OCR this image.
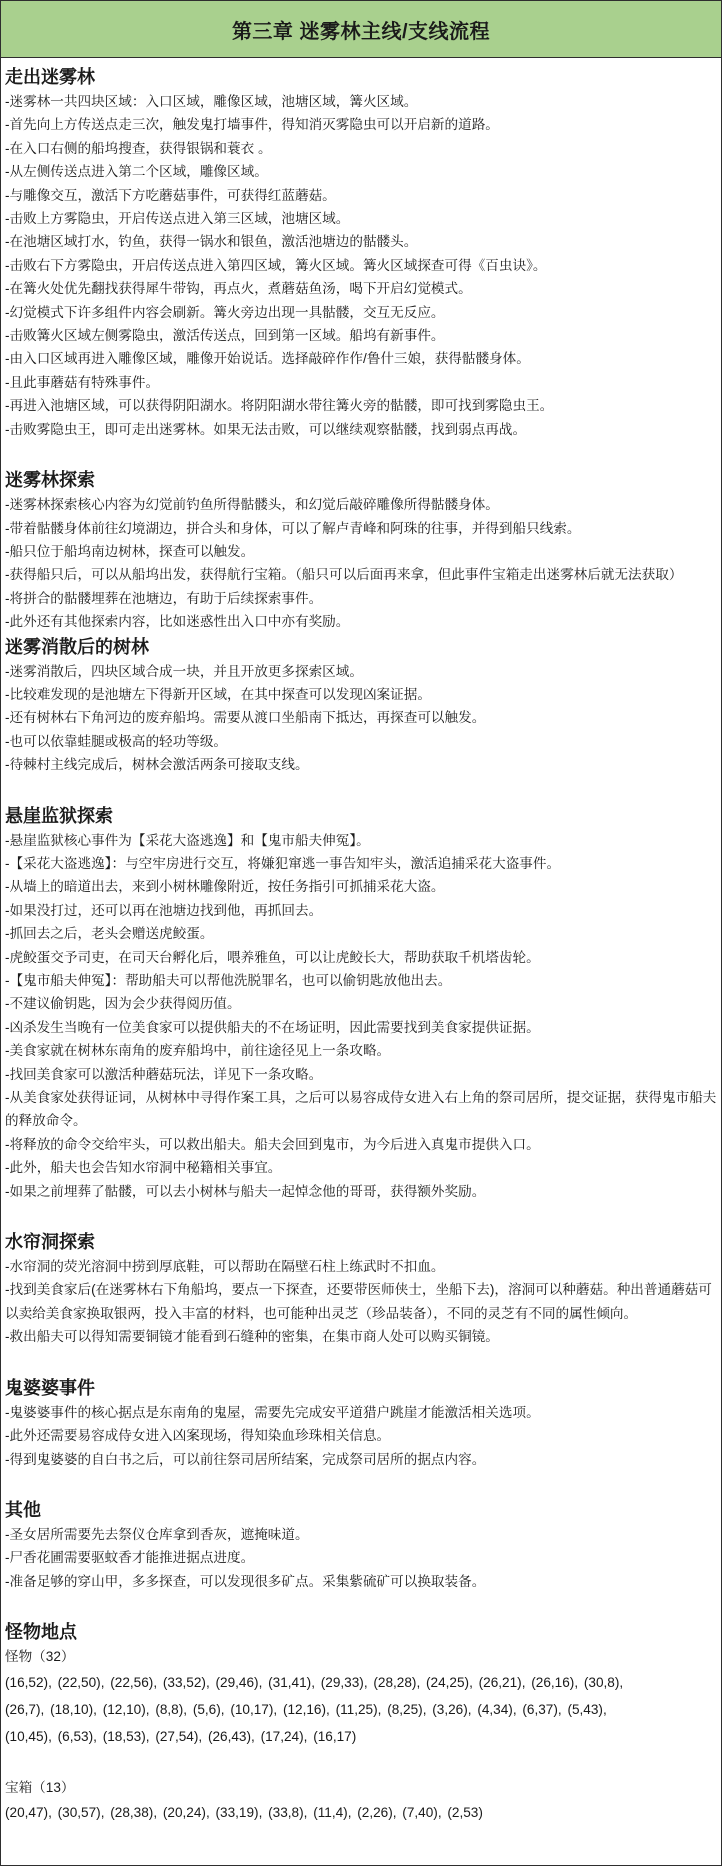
第三章 迷雾林主线/支线流程
走出迷雾林
-迷雾林一共四块区域：入口区域，雕像区域，池塘区域，篝火区域。
-首先向上方传送点走三次，触发鬼打墙事件，得知消灭雾隐虫可以开启新的道路。
-在入口右侧的船坞搜查，获得银锅和蓑衣 。
-从左侧传送点进入第二个区域，雕像区域。
-与雕像交互，激活下方吃蘑菇事件，可获得红蓝蘑菇。
-击败上方雾隐虫，开启传送点进入第三区域，池塘区域。
-在池塘区域打水，钓鱼，获得一锅水和银鱼，激活池塘边的骷髅头。
-击败右下方雾隐虫，开启传送点进入第四区域，篝火区域。篝火区域探查可得《百虫诀》。
-在篝火处优先翻找获得犀牛带钩，再点火，煮蘑菇鱼汤，喝下开启幻觉模式。
-幻觉模式下许多组件内容会刷新。篝火旁边出现一具骷髅，交互无反应。
-击败篝火区域左侧雾隐虫，激活传送点，回到第一区域。船坞有新事件。
-由入口区域再进入雕像区域，雕像开始说话。选择敲碎作作/鲁什三娘，获得骷髅身体。
-且此事蘑菇有特殊事件。
-再进入池塘区域，可以获得阴阳湖水。将阴阳湖水带往篝火旁的骷髅，即可找到雾隐虫王。
-击败雾隐虫王，即可走出迷雾林。如果无法击败，可以继续观察骷髅，找到弱点再战。
迷雾林探索
-迷雾林探索核心内容为幻觉前钓鱼所得骷髅头，和幻觉后敲碎雕像所得骷髅身体。
-带着骷髅身体前往幻境湖边，拼合头和身体，可以了解卢青峰和阿珠的往事，并得到船只线索。
-船只位于船坞南边树林，探查可以触发。
-获得船只后，可以从船坞出发，获得航行宝箱。（船只可以后面再来拿，但此事件宝箱走出迷雾林后就无法获取）
-将拼合的骷髅埋葬在池塘边，有助于后续探索事件。
-此外还有其他探索内容，比如迷惑性出入口中亦有奖励。
迷雾消散后的树林
-迷雾消散后，四块区域合成一块，并且开放更多探索区域。
-比较难发现的是池塘左下得新开区域，在其中探查可以发现凶案证据。
-还有树林右下角河边的废弃船坞。需要从渡口坐船南下抵达，再探查可以触发。
-也可以依靠蛙腿或极高的轻功等级。
-待棘村主线完成后，树林会激活两条可接取支线。
悬崖监狱探索
-悬崖监狱核心事件为【采花大盗逃逸】和【鬼市船夫伸冤】。
-【采花大盗逃逸】：与空牢房进行交互，将嫌犯窜逃一事告知牢头，激活追捕采花大盗事件。
-从墙上的暗道出去，来到小树林雕像附近，按任务指引可抓捕采花大盗。
-如果没打过，还可以再在池塘边找到他，再抓回去。
-抓回去之后，老头会赠送虎鲛蛋。
-虎鲛蛋交予司吏，在司天台孵化后，喂养雅鱼，可以让虎鲛长大，帮助获取千机塔齿轮。
-【鬼市船夫伸冤】：帮助船夫可以帮他洗脱罪名，也可以偷钥匙放他出去。
-不建议偷钥匙，因为会少获得阅历值。
-凶杀发生当晚有一位美食家可以提供船夫的不在场证明，因此需要找到美食家提供证据。
-美食家就在树林东南角的废弃船坞中，前往途径见上一条攻略。
-找回美食家可以激活种蘑菇玩法，详见下一条攻略。
-从美食家处获得证词，从树林中寻得作案工具，之后可以易容成侍女进入右上角的祭司居所，提交证据，获得鬼市船夫的释放命令。
-将释放的命令交给牢头，可以救出船夫。船夫会回到鬼市，为今后进入真鬼市提供入口。
-此外，船夫也会告知水帘洞中秘籍相关事宜。
-如果之前埋葬了骷髅，可以去小树林与船夫一起悼念他的哥哥，获得额外奖励。
水帘洞探索
-水帘洞的荧光溶洞中捞到厚底鞋，可以帮助在隔壁石柱上练武时不扣血。
-找到美食家后(在迷雾林右下角船坞，要点一下探查，还要带医师侠士，坐船下去)，溶洞可以种蘑菇。种出普通蘑菇可以卖给美食家换取银两，投入丰富的材料，也可能种出灵芝（珍品装备），不同的灵芝有不同的属性倾向。
-救出船夫可以得知需要铜镜才能看到石缝种的密集，在集市商人处可以购买铜镜。
鬼婆婆事件
-鬼婆婆事件的核心据点是东南角的鬼屋，需要先完成安平道猎户跳崖才能激活相关选项。
-此外还需要易容成侍女进入凶案现场，得知染血珍珠相关信息。
-得到鬼婆婆的自白书之后，可以前往祭司居所结案，完成祭司居所的据点内容。
其他
-圣女居所需要先去祭仪仓库拿到香灰，遮掩味道。
-尸香花圃需要驱蚊香才能推进据点进度。
-准备足够的穿山甲，多多探查，可以发现很多矿点。采集紫硫矿可以换取装备。
怪物地点
怪物（32）
(16,52), (22,50), (22,56), (33,52), (29,46), (31,41), (29,33), (28,28), (24,25), (26,21), (26,16), (30,8),
(26,7), (18,10), (12,10), (8,8), (5,6), (10,17), (12,16), (11,25), (8,25), (3,26), (4,34), (6,37), (5,43),
(10,45), (6,53), (18,53), (27,54), (26,43), (17,24), (16,17)
宝箱（13）
(20,47), (30,57), (28,38), (20,24), (33,19), (33,8), (11,4), (2,26), (7,40), (2,53)
